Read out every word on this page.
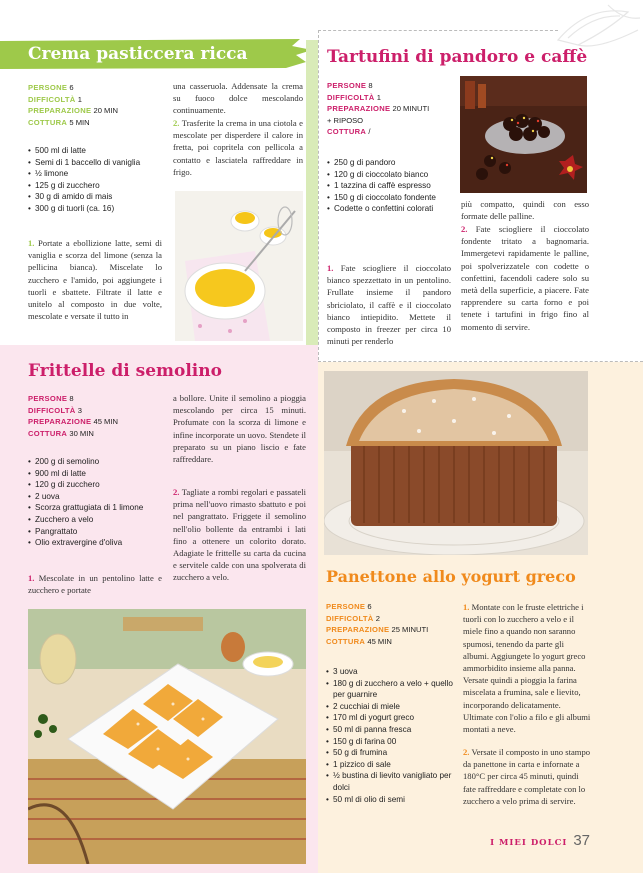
Crema pasticcera ricca
PERSONE 6
DIFFICOLTÀ 1
PREPARAZIONE 20 MIN
COTTURA 5 MIN
• 500 ml di latte
• Semi di 1 baccello di vaniglia
• ½ limone
• 125 g di zucchero
• 30 g di amido di mais
• 300 g di tuorli (ca. 16)
1. Portate a ebollizione latte, semi di vaniglia e scorza del limone (senza la pellicina bianca). Miscelate lo zucchero e l'amido, poi aggiungete i tuorli e sbattete. Filtrate il latte e unitelo al composto in due volte, mescolate e versate il tutto in
una casseruola. Addensate la crema su fuoco dolce mescolando continuamente.
2. Trasferite la crema in una ciotola e mescolate per disperdere il calore in fretta, poi copritela con pellicola a contatto e lasciatela raffreddare in frigo.
Tartufini di pandoro e caffè
PERSONE 8
DIFFICOLTÀ 1
PREPARAZIONE 20 MINUTI
+ RIPOSO
COTTURA /
• 250 g di pandoro
• 120 g di cioccolato bianco
• 1 tazzina di caffè espresso
• 150 g di cioccolato fondente
• Codette o confettini colorati
1. Fate sciogliere il cioccolato bianco spezzettato in un pentolino. Frullate insieme il pandoro sbriciolato, il caffè e il cioccolato bianco intiepidito. Mettete il composto in freezer per circa 10 minuti per renderlo
più compatto, quindi con esso formate delle palline.
2. Fate sciogliere il cioccolato fondente tritato a bagnomaria. Immergetevi rapidamente le palline, poi spolverizzatele con codette o confettini, facendoli cadere solo su metà della superficie, a piacere. Fate rapprendere su carta forno e poi tenete i tartufini in frigo fino al momento di servire.
Frittelle di semolino
PERSONE 8
DIFFICOLTÀ 3
PREPARAZIONE 45 MIN
COTTURA 30 MIN
• 200 g di semolino
• 900 ml di latte
• 120 g di zucchero
• 2 uova
• Scorza grattugiata di 1 limone
• Zucchero a velo
• Pangrattato
• Olio extravergine d'oliva
1. Mescolate in un pentolino latte e zucchero e portate
a bollore. Unite il semolino a pioggia mescolando per circa 15 minuti. Profumate con la scorza di limone e infine incorporate un uovo. Stendete il preparato su un piano liscio e fate raffreddare.
2. Tagliate a rombi regolari e passateli prima nell'uovo rimasto sbattuto e poi nel pangrattato. Friggete il semolino nell'olio bollente da entrambi i lati fino a ottenere un colorito dorato. Adagiate le frittelle su carta da cucina e servitele calde con una spolverata di zucchero a velo.	Panettone allo yogurt greco
PERSONE 6
DIFFICOLTÀ 2
PREPARAZIONE 25 MINUTI
COTTURA 45 MIN
• 3 uova
• 180 g di zucchero a velo + quello per guarnire
• 2 cucchiai di miele
• 170 ml di yogurt greco
• 50 ml di panna fresca
• 150 g di farina 00
• 50 g di frumina
• 1 pizzico di sale
• ½ bustina di lievito vanigliato per dolci
• 50 ml di olio di semi
1. Montate con le fruste elettriche i tuorli con lo zucchero a velo e il miele fino a quando non saranno spumosi, tenendo da parte gli albumi. Aggiungete lo yogurt greco ammorbidito insieme alla panna. Versate quindi a pioggia la farina miscelata a frumina, sale e lievito, incorporando delicatamente. Ultimate con l'olio a filo e gli albumi montati a neve.
2. Versate il composto in uno stampo da panettone in carta e infornate a 180°C per circa 45 minuti, quindi fate raffreddare e completate con lo zucchero a velo prima di servire.
I MIEI DOLCI 37
